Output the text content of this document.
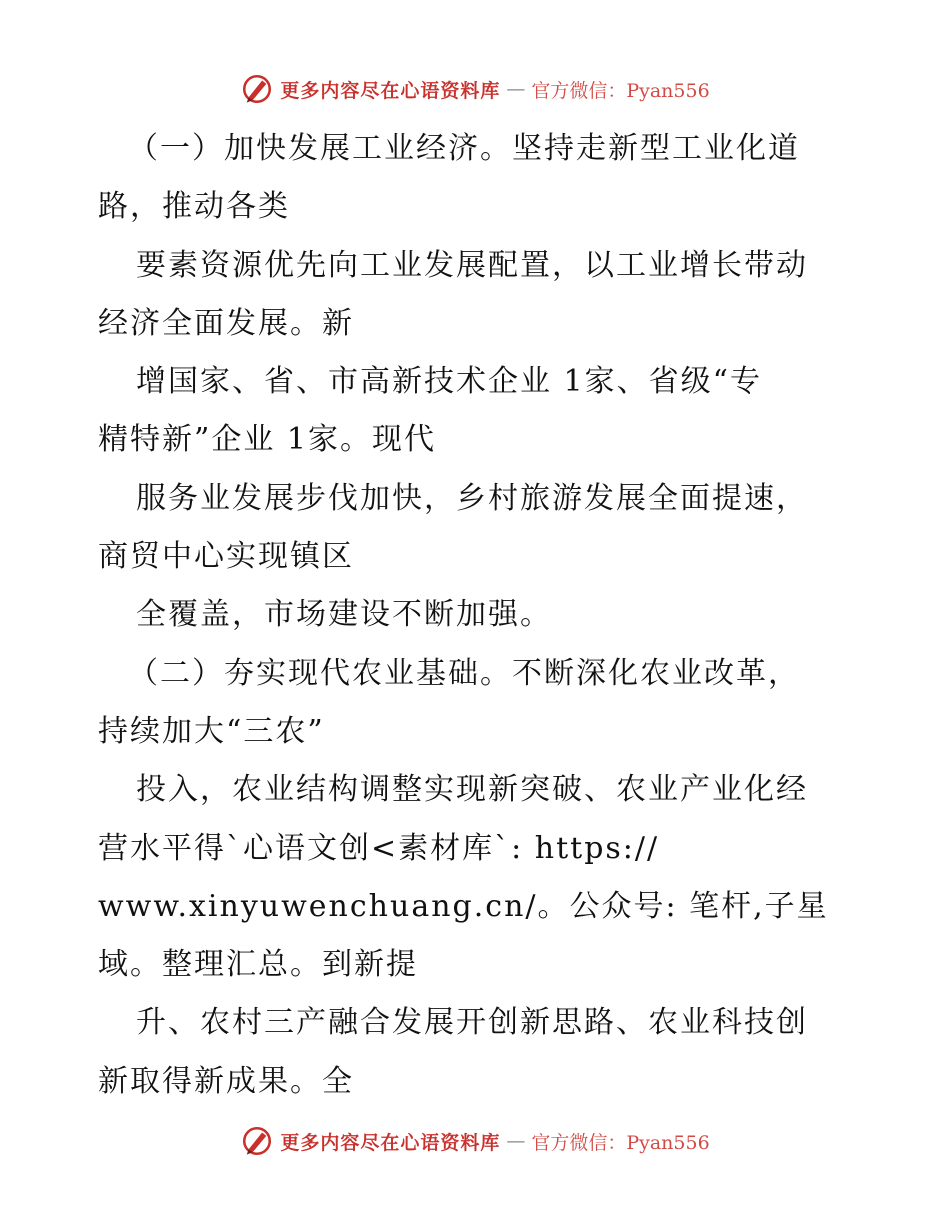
更多内容尽在心语资料库 — 官方微信：Pyan556
（一）加快发展工业经济。坚持走新型工业化道
路，推动各类
要素资源优先向工业发展配置，以工业增长带动
经济全面发展。新
增国家、省、市高新技术企业 1家、省级“专
精特新”企业 1家。现代
服务业发展步伐加快，乡村旅游发展全面提速，
商贸中心实现镇区
全覆盖，市场建设不断加强。
（二）夯实现代农业基础。不断深化农业改革，
持续加大“三农”
投入，农业结构调整实现新突破、农业产业化经
营水平得`心语文创<素材库`: https://
www.xinyuwenchuang.cn/。公众号: 笔杆,子星
域。整理汇总。到新提
升、农村三产融合发展开创新思路、农业科技创
新取得新成果。全
更多内容尽在心语资料库 — 官方微信：Pyan556
